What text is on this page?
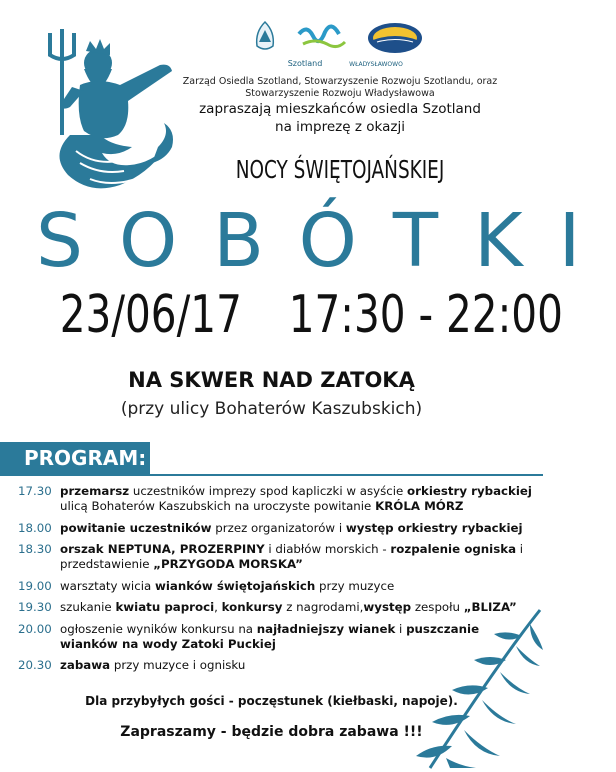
Szotland	WŁADYSŁAWOWO
Zarząd Osiedla Szotland, Stowarzyszenie Rozwoju Szotlandu, oraz Stowarzyszenie Rozwoju Władysławowa
zapraszają mieszkańców osiedla Szotland
na imprezę z okazji
NOCY ŚWIĘTOJAŃSKIEJ
SOBÓTKI
23/06/17 17:30 - 22:00
NA SKWER NAD ZATOKĄ
(przy ulicy Bohaterów Kaszubskich)
PROGRAM:
17.30 przemarsz uczestników imprezy spod kapliczki w asyście orkiestry rybackiej ulicą Bohaterów Kaszubskich na uroczyste powitanie KRÓLA MÓRZ
18.00 powitanie uczestników przez organizatorów i występ orkiestry rybackiej
18.30 orszak NEPTUNA, PROZERPINY i diabłów morskich - rozpalenie ogniska i przedstawienie „PRZYGODA MORSKA”
19.00 warsztaty wicia wianków świętojańskich przy muzyce
19.30 szukanie kwiatu paproci, konkursy z nagrodami,występ zespołu „BLIZA”
20.00 ogłoszenie wyników konkursu na najładniejszy wianek i puszczanie wianków na wody Zatoki Puckiej
20.30 zabawa przy muzyce i ognisku
Dla przybyłych gości - poczęstunek (kiełbaski, napoje).
Zapraszamy - będzie dobra zabawa !!!
